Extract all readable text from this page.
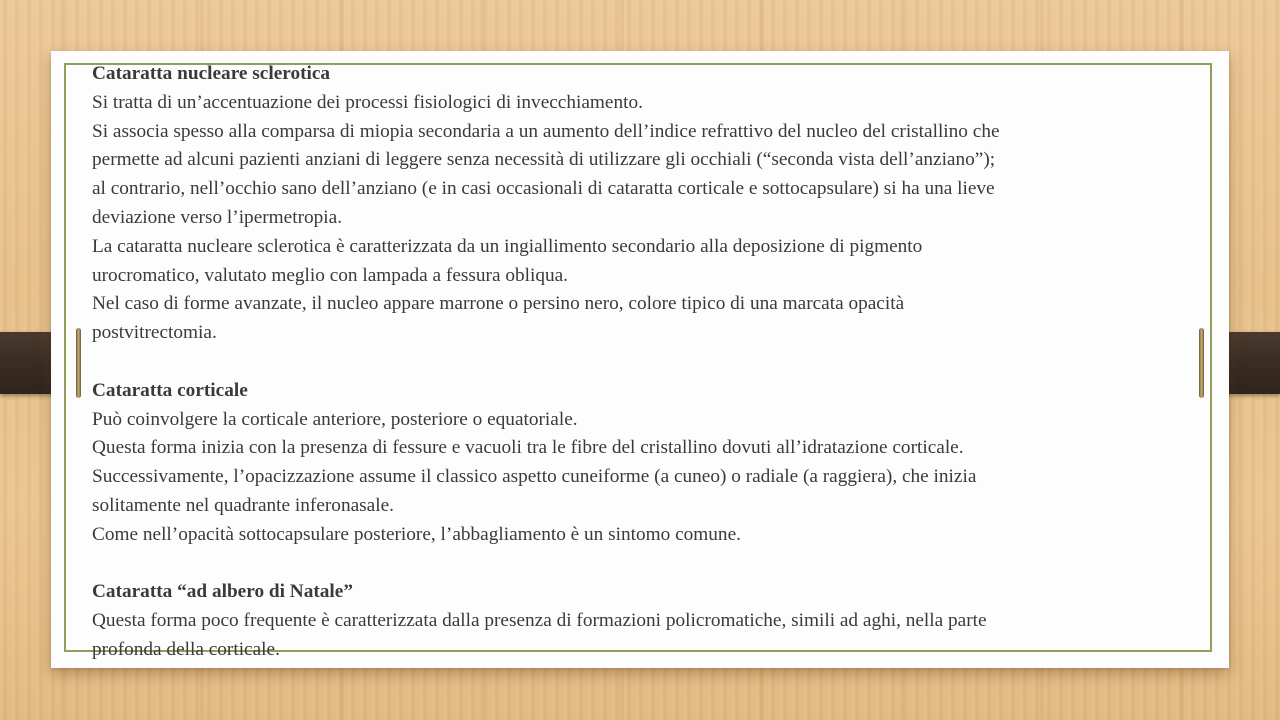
Cataratta nucleare sclerotica

Si tratta di un’accentuazione dei processi fisiologici di invecchiamento.

Si associa spesso alla comparsa di miopia secondaria a un aumento dell’indice refrattivo del nucleo del cristallino che

permette ad alcuni pazienti anziani di leggere senza necessità di utilizzare gli occhiali (“seconda vista dell’anziano”);

al contrario, nell’occhio sano dell’anziano (e in casi occasionali di cataratta corticale e sottocapsulare) si ha una lieve

deviazione verso l’ipermetropia.

La cataratta nucleare sclerotica è caratterizzata da un ingiallimento secondario alla deposizione di pigmento

urocromatico, valutato meglio con lampada a fessura obliqua.

Nel caso di forme avanzate, il nucleo appare marrone o persino nero, colore tipico di una marcata opacità

postvitrectomia.

Cataratta corticale

Può coinvolgere la corticale anteriore, posteriore o equatoriale.

Questa forma inizia con la presenza di fessure e vacuoli tra le fibre del cristallino dovuti all’idratazione corticale.

Successivamente, l’opacizzazione assume il classico aspetto cuneiforme (a cuneo) o radiale (a raggiera), che inizia

solitamente nel quadrante inferonasale.

Come nell’opacità sottocapsulare posteriore, l’abbagliamento è un sintomo comune.

Cataratta “ad albero di Natale”

Questa forma poco frequente è caratterizzata dalla presenza di formazioni policromatiche, simili ad aghi, nella parte

profonda della corticale.
